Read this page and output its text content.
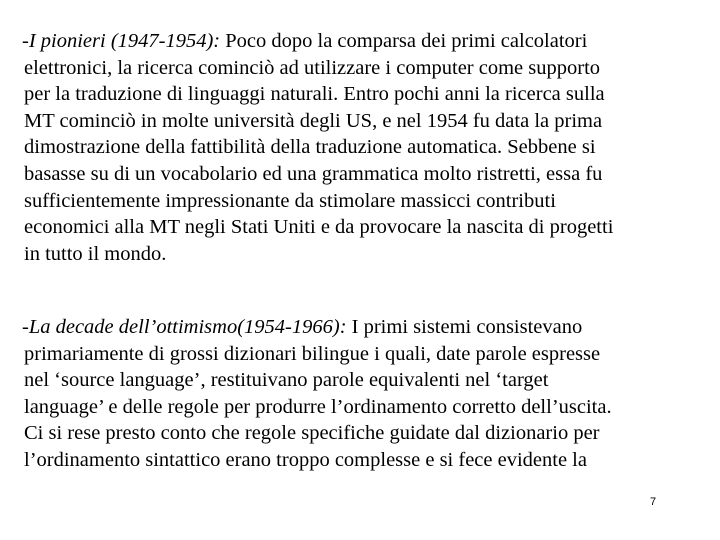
-I pionieri (1947-1954): Poco dopo la comparsa dei primi calcolatori
elettronici, la ricerca cominciò ad utilizzare i computer come supporto
per la traduzione di linguaggi naturali. Entro pochi anni la ricerca sulla
MT cominciò in molte università degli US, e nel 1954 fu data la prima
dimostrazione della fattibilità della traduzione automatica. Sebbene si
basasse su di un vocabolario ed una grammatica molto ristretti, essa fu
sufficientemente impressionante da stimolare massicci contributi
economici alla MT negli Stati Uniti e da provocare la nascita di progetti
in tutto il mondo.
-La decade dell’ottimismo(1954-1966): I primi sistemi consistevano
primariamente di grossi dizionari bilingue i quali, date parole espresse
nel ‘source language’, restituivano parole equivalenti nel ‘target
language’ e delle regole per produrre l’ordinamento corretto dell’uscita.
Ci si rese presto conto che regole specifiche guidate dal dizionario per
l’ordinamento sintattico erano troppo complesse e si fece evidente la
7
